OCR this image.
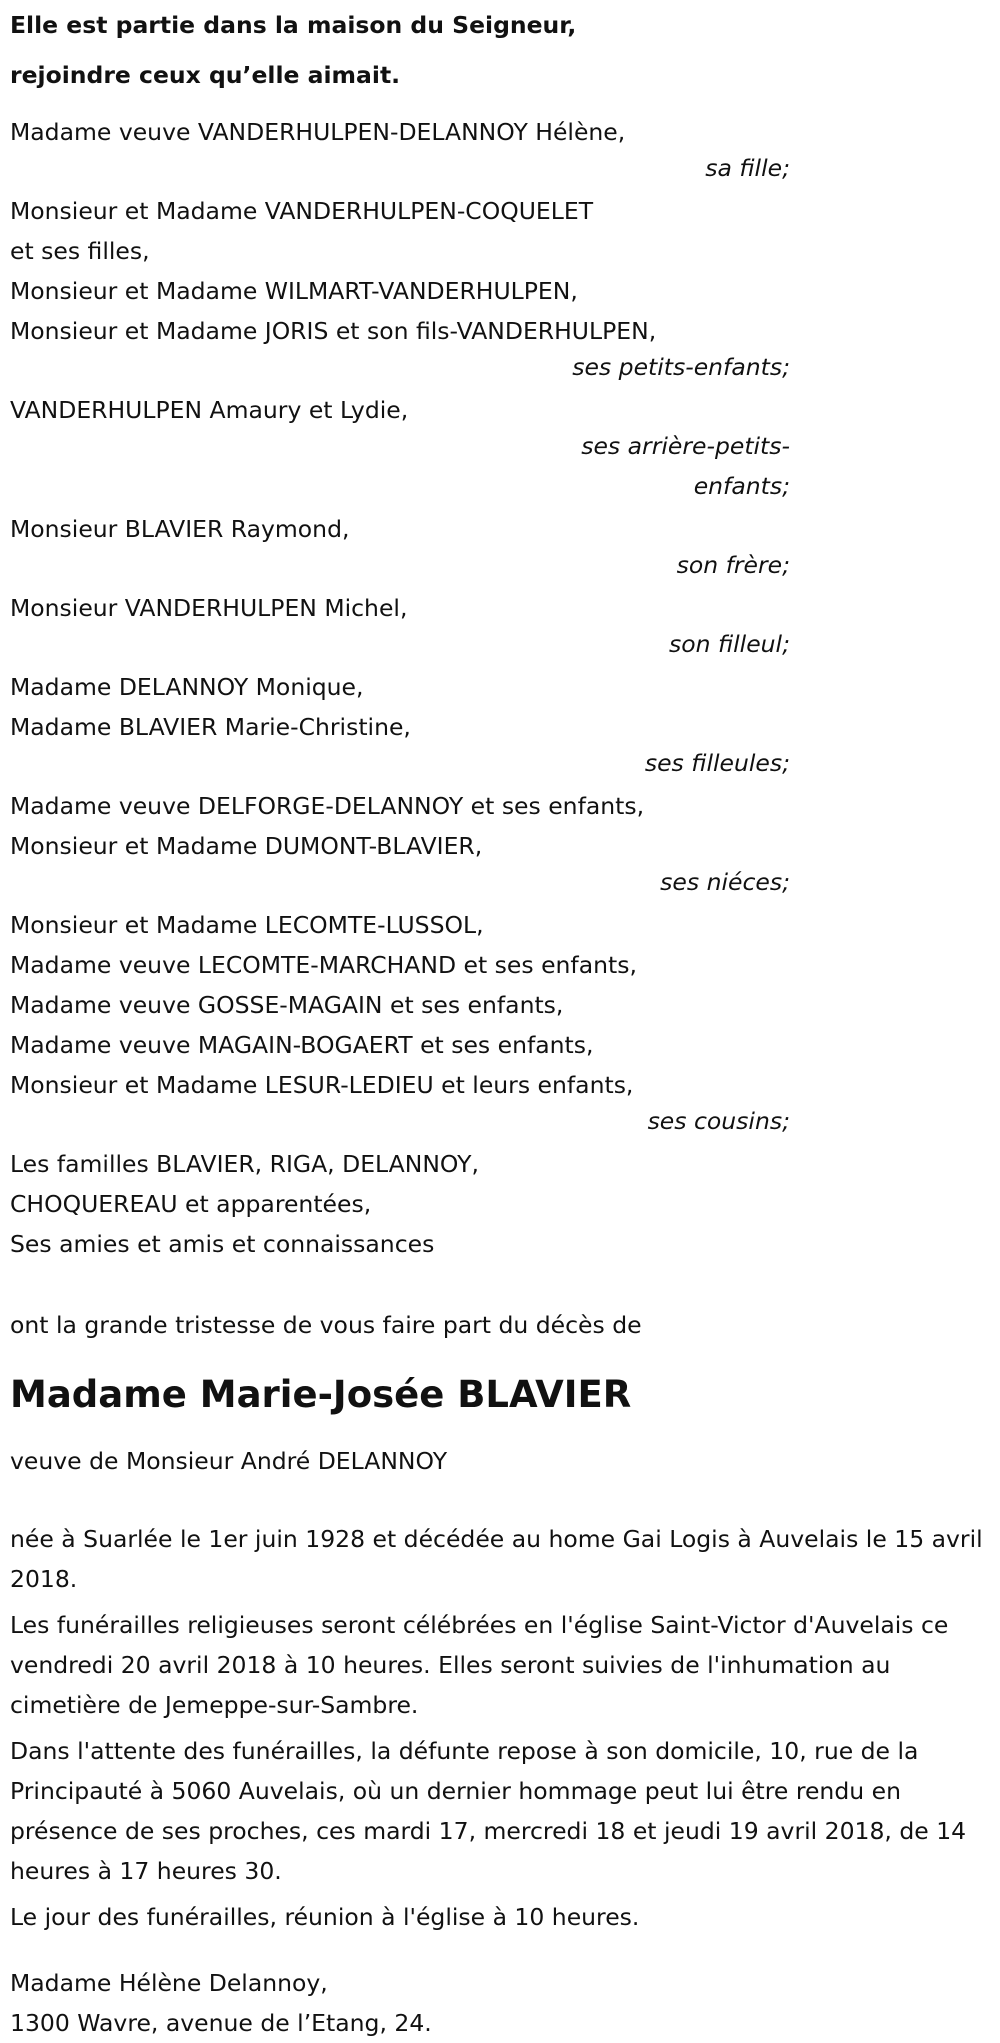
Elle est partie dans la maison du Seigneur,
rejoindre ceux qu’elle aimait.
Madame veuve VANDERHULPEN-DELANNOY Hélène,
sa fille;
Monsieur et Madame VANDERHULPEN-COQUELET
et ses filles,
Monsieur et Madame WILMART-VANDERHULPEN,
Monsieur et Madame JORIS et son fils-VANDERHULPEN,
ses petits-enfants;
VANDERHULPEN Amaury et Lydie,
ses arrière-petits-
enfants;
Monsieur BLAVIER Raymond,
son frère;
Monsieur VANDERHULPEN Michel,
son filleul;
Madame DELANNOY Monique,
Madame BLAVIER Marie-Christine,
ses filleules;
Madame veuve DELFORGE-DELANNOY et ses enfants,
Monsieur et Madame DUMONT-BLAVIER,
ses niéces;
Monsieur et Madame LECOMTE-LUSSOL,
Madame veuve LECOMTE-MARCHAND et ses enfants,
Madame veuve GOSSE-MAGAIN et ses enfants,
Madame veuve MAGAIN-BOGAERT et ses enfants,
Monsieur et Madame LESUR-LEDIEU et leurs enfants,
ses cousins;
Les familles BLAVIER, RIGA, DELANNOY,
CHOQUEREAU et apparentées,
Ses amies et amis et connaissances
ont la grande tristesse de vous faire part du décès de
Madame Marie-Josée BLAVIER
veuve de Monsieur André DELANNOY

née à Suarlée le 1er juin 1928 et décédée au home Gai Logis à Auvelais le 15 avril 2018.

Les funérailles religieuses seront célébrées en l'église Saint-Victor d'Auvelais ce vendredi 20 avril 2018 à 10 heures. Elles seront suivies de l'inhumation au cimetière de Jemeppe-sur-Sambre.

Dans l'attente des funérailles, la défunte repose à son domicile, 10, rue de la Principauté à 5060 Auvelais, où un dernier hommage peut lui être rendu en présence de ses proches, ces mardi 17, mercredi 18 et jeudi 19 avril 2018, de 14 heures à 17 heures 30.

Le jour des funérailles, réunion à l'église à 10 heures.

Madame Hélène Delannoy,
1300 Wavre, avenue de l’Etang, 24.
